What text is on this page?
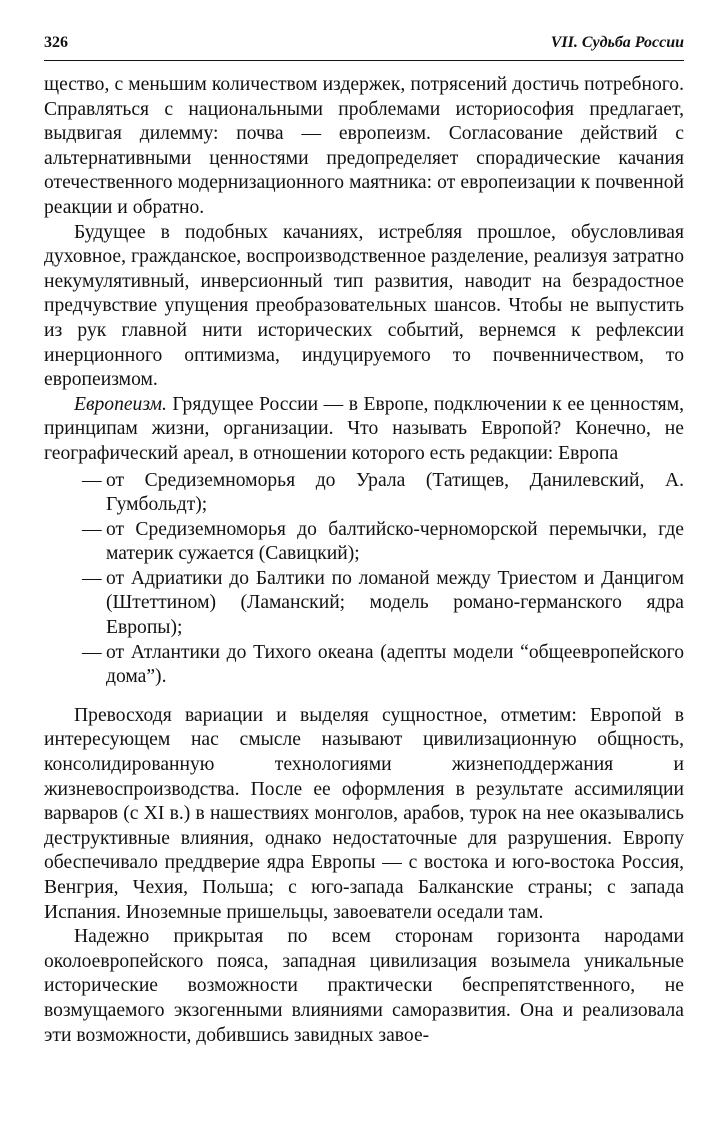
326	VII. Судьба России

щество, с меньшим количеством издержек, потрясений достичь потребного. Справляться с национальными проблемами историософия предлагает, выдвигая дилемму: почва — европеизм. Согласование действий с альтернативными ценностями предопределяет спорадические качания отечественного модернизационного маятника: от европеизации к почвенной реакции и обратно.

Будущее в подобных качаниях, истребляя прошлое, обусловливая духовное, гражданское, воспроизводственное разделение, реализуя затратно некумулятивный, инверсионный тип развития, наводит на безрадостное предчувствие упущения преобразовательных шансов. Чтобы не выпустить из рук главной нити исторических событий, вернемся к рефлексии инерционного оптимизма, индуцируемого то почвенничеством, то европеизмом.

Европеизм. Грядущее России — в Европе, подключении к ее ценностям, принципам жизни, организации. Что называть Европой? Конечно, не географический ареал, в отношении которого есть редакции: Европа

— от Средиземноморья до Урала (Татищев, Данилевский, А. Гумбольдт);
— от Средиземноморья до балтийско-черноморской перемычки, где материк сужается (Савицкий);
— от Адриатики до Балтики по ломаной между Триестом и Данцигом (Штеттином) (Ламанский; модель романо-германского ядра Европы);
— от Атлантики до Тихого океана (адепты модели “общеевропейского дома”).

Превосходя вариации и выделяя сущностное, отметим: Европой в интересующем нас смысле называют цивилизационную общность, консолидированную технологиями жизнеподдержания и жизневоспроизводства. После ее оформления в результате ассимиляции варваров (с XI в.) в нашествиях монголов, арабов, турок на нее оказывались деструктивные влияния, однако недостаточные для разрушения. Европу обеспечивало преддверие ядра Европы — с востока и юго-востока Россия, Венгрия, Чехия, Польша; с юго-запада Балканские страны; с запада Испания. Иноземные пришельцы, завоеватели оседали там.

Надежно прикрытая по всем сторонам горизонта народами околоевропейского пояса, западная цивилизация возымела уникальные исторические возможности практически беспрепятственного, не возмущаемого экзогенными влияниями саморазвития. Она и реализовала эти возможности, добившись завидных завое-
